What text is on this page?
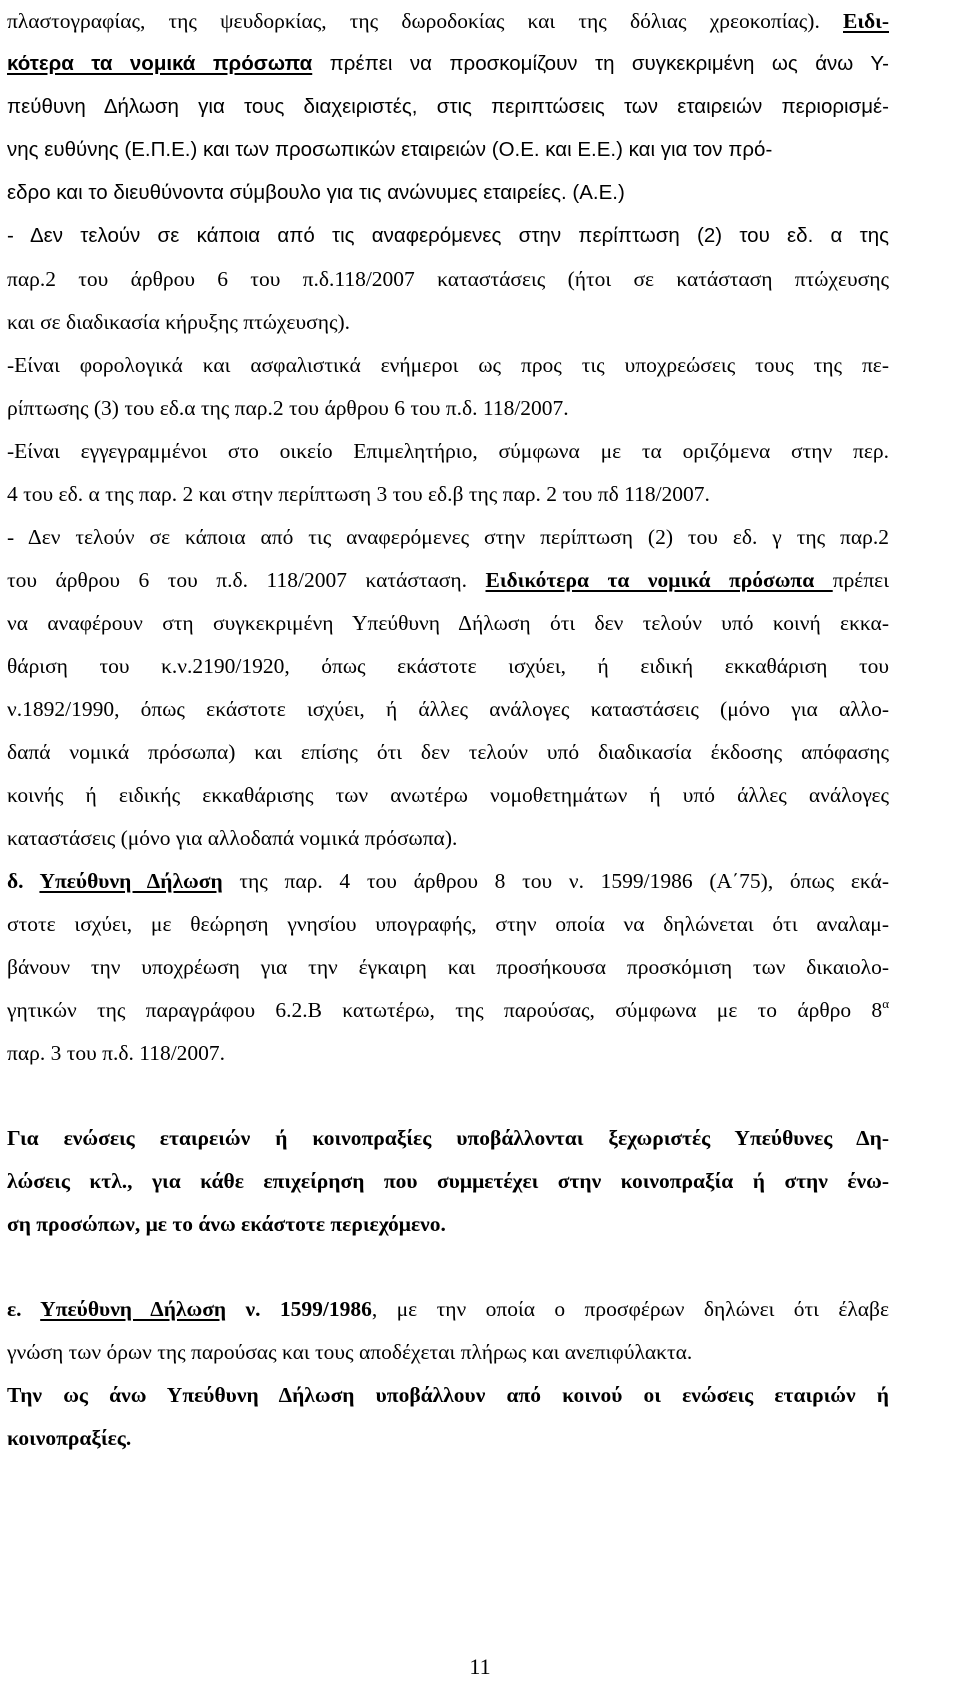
πλαστογραφίας, της ψευδορκίας, της δωροδοκίας και της δόλιας χρεοκοπίας). Ειδι-
κότερα τα νομικά πρόσωπα πρέπει να προσκομίζουν τη συγκεκριμένη ως άνω Υ-
πεύθυνη Δήλωση για τους διαχειριστές, στις περιπτώσεις των εταιρειών περιορισμέ-
νης ευθύνης (Ε.Π.Ε.) και των προσωπικών εταιρειών (Ο.Ε. και Ε.Ε.) και για τον πρό-
εδρο και το διευθύνοντα σύμβουλο για τις ανώνυμες εταιρείες. (Α.Ε.)
- Δεν τελούν σε κάποια από τις αναφερόμενες στην περίπτωση (2) του εδ. α της
παρ.2 του άρθρου 6 του π.δ.118/2007 καταστάσεις (ήτοι σε κατάσταση πτώχευσης
και σε διαδικασία κήρυξης πτώχευσης).
-Είναι φορολογικά και ασφαλιστικά ενήμεροι ως προς τις υποχρεώσεις τους της πε-
ρίπτωσης (3) του εδ.α της παρ.2 του άρθρου 6 του π.δ. 118/2007.
-Είναι εγγεγραμμένοι στο οικείο Επιμελητήριο, σύμφωνα με τα οριζόμενα στην περ.
4 του εδ. α της παρ. 2 και στην περίπτωση 3 του εδ.β της παρ. 2 του πδ 118/2007.
- Δεν τελούν σε κάποια από τις αναφερόμενες στην περίπτωση (2) του εδ. γ της παρ.2
του άρθρου 6 του π.δ. 118/2007 κατάσταση. Ειδικότερα τα νομικά πρόσωπα πρέπει
να αναφέρουν στη συγκεκριμένη Υπεύθυνη Δήλωση ότι δεν τελούν υπό κοινή εκκα-
θάριση του κ.ν.2190/1920, όπως εκάστοτε ισχύει, ή ειδική εκκαθάριση του
ν.1892/1990, όπως εκάστοτε ισχύει, ή άλλες ανάλογες καταστάσεις (μόνο για αλλο-
δαπά νομικά πρόσωπα) και επίσης ότι δεν τελούν υπό διαδικασία έκδοσης απόφασης
κοινής ή ειδικής εκκαθάρισης των ανωτέρω νομοθετημάτων ή υπό άλλες ανάλογες
καταστάσεις (μόνο για αλλοδαπά νομικά πρόσωπα).
δ. Υπεύθυνη Δήλωση της παρ. 4 του άρθρου 8 του ν. 1599/1986 (Α΄75), όπως εκά-
στοτε ισχύει, με θεώρηση γνησίου υπογραφής, στην οποία να δηλώνεται ότι αναλαμ-
βάνουν την υποχρέωση για την έγκαιρη και προσήκουσα προσκόμιση των δικαιολο-
γητικών της παραγράφου 6.2.Β κατωτέρω, της παρούσας, σύμφωνα με το άρθρο $8^\alpha$
παρ. 3 του π.δ. 118/2007.
Για ενώσεις εταιρειών ή κοινοπραξίες υποβάλλονται ξεχωριστές Υπεύθυνες Δη-
λώσεις κτλ., για κάθε επιχείρηση που συμμετέχει στην κοινοπραξία ή στην ένω-
ση προσώπων, με το άνω εκάστοτε περιεχόμενο.
ε. Υπεύθυνη Δήλωση ν. 1599/1986, με την οποία ο προσφέρων δηλώνει ότι έλαβε
γνώση των όρων της παρούσας και τους αποδέχεται πλήρως και ανεπιφύλακτα.
Την ως άνω Υπεύθυνη Δήλωση υποβάλλουν από κοινού οι ενώσεις εταιριών ή
κοινοπραξίες.
11
